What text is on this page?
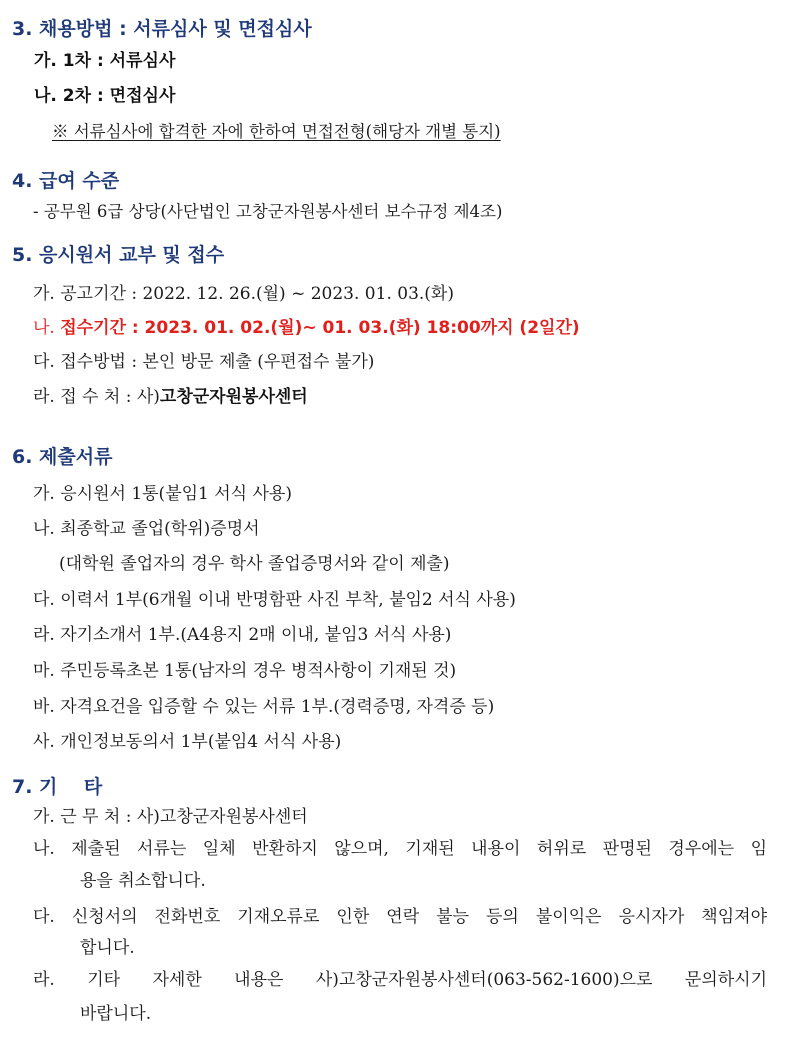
3. 채용방법 : 서류심사 및 면접심사
가. 1차 : 서류심사
나. 2차 : 면접심사
※ 서류심사에 합격한 자에 한하여 면접전형(해당자 개별 통지)
4. 급여 수준
- 공무원 6급 상당(사단법인 고창군자원봉사센터 보수규정 제4조)
5. 응시원서 교부 및 접수
가. 공고기간 : 2022. 12. 26.(월) ~ 2023. 01. 03.(화)
나. 접수기간 : 2023. 01. 02.(월)~ 01. 03.(화) 18:00까지 (2일간)
다. 접수방법 : 본인 방문 제출 (우편접수 불가)
라. 접 수 처 : 사)고창군자원봉사센터
6. 제출서류
가. 응시원서 1통(붙임1 서식 사용)
나. 최종학교 졸업(학위)증명서
(대학원 졸업자의 경우 학사 졸업증명서와 같이 제출)
다. 이력서 1부(6개월 이내 반명함판 사진 부착, 붙임2 서식 사용)
라. 자기소개서 1부.(A4용지 2매 이내, 붙임3 서식 사용)
마. 주민등록초본 1통(남자의 경우 병적사항이 기재된 것)
바. 자격요건을 입증할 수 있는 서류 1부.(경력증명, 자격증 등)
사. 개인정보동의서 1부(붙임4 서식 사용)
7. 기    타
가. 근 무 처 : 사)고창군자원봉사센터
나. 제출된 서류는 일체 반환하지 않으며, 기재된 내용이 허위로 판명된 경우에는 임
용을 취소합니다.
다. 신청서의 전화번호 기재오류로 인한 연락 불능 등의 불이익은 응시자가 책임져야
합니다.
라. 기타 자세한 내용은 사)고창군자원봉사센터(063-562-1600)으로 문의하시기
바랍니다.
